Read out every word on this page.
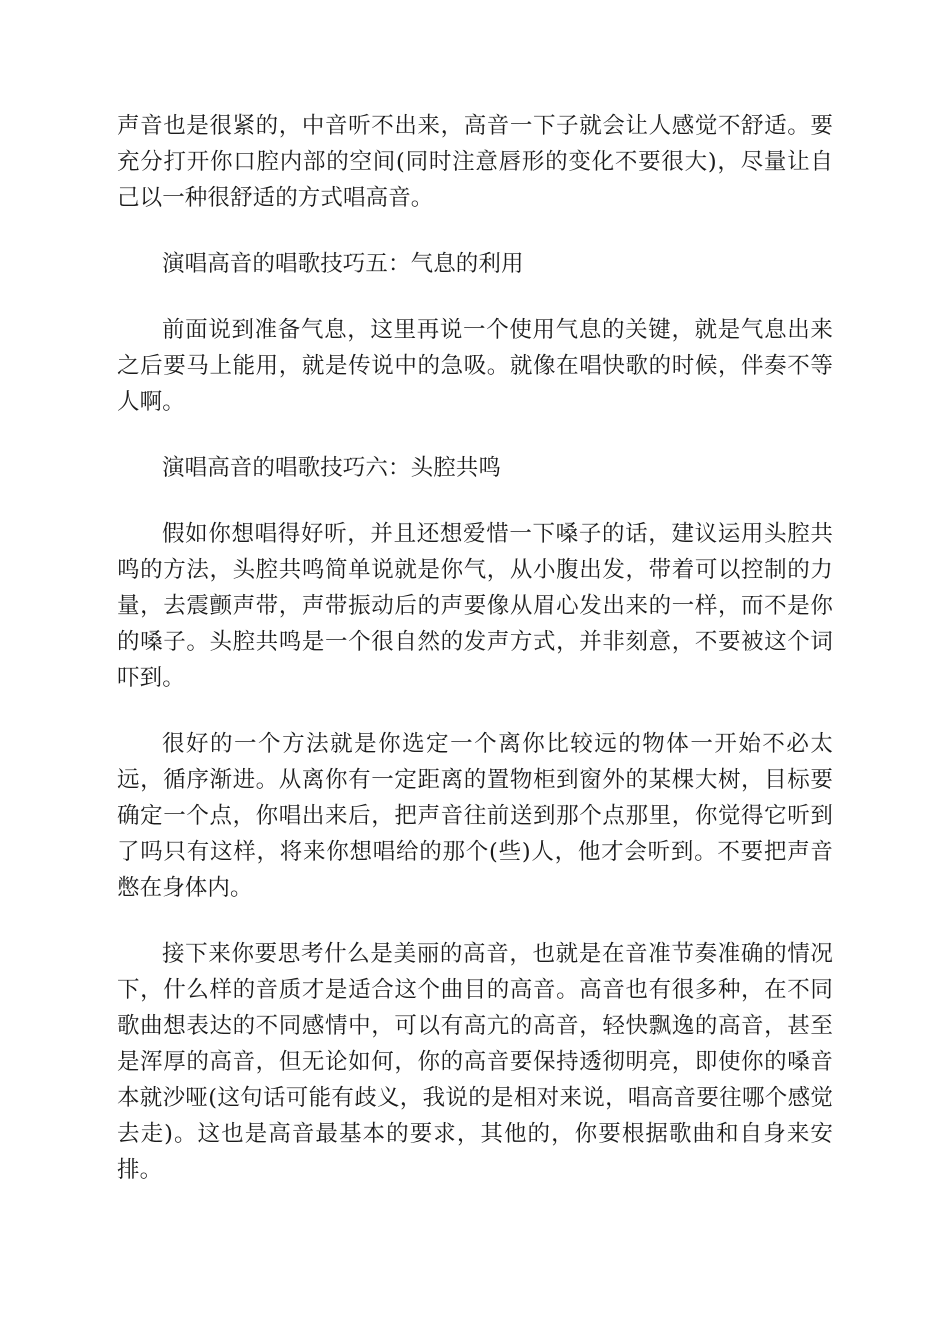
声音也是很紧的，中音听不出来，高音一下子就会让人感觉不舒适。要充分打开你口腔内部的空间(同时注意唇形的变化不要很大)，尽量让自己以一种很舒适的方式唱高音。

演唱高音的唱歌技巧五：气息的利用

前面说到准备气息，这里再说一个使用气息的关键，就是气息出来之后要马上能用，就是传说中的急吸。就像在唱快歌的时候，伴奏不等人啊。

演唱高音的唱歌技巧六：头腔共鸣

假如你想唱得好听，并且还想爱惜一下嗓子的话，建议运用头腔共鸣的方法，头腔共鸣简单说就是你气，从小腹出发，带着可以控制的力量，去震颤声带，声带振动后的声要像从眉心发出来的一样，而不是你的嗓子。头腔共鸣是一个很自然的发声方式，并非刻意，不要被这个词吓到。

很好的一个方法就是你选定一个离你比较远的物体一开始不必太远，循序渐进。从离你有一定距离的置物柜到窗外的某棵大树，目标要确定一个点，你唱出来后，把声音往前送到那个点那里，你觉得它听到了吗只有这样，将来你想唱给的那个(些)人，他才会听到。不要把声音憋在身体内。

接下来你要思考什么是美丽的高音，也就是在音准节奏准确的情况下，什么样的音质才是适合这个曲目的高音。高音也有很多种，在不同歌曲想表达的不同感情中，可以有高亢的高音，轻快飘逸的高音，甚至是浑厚的高音，但无论如何，你的高音要保持透彻明亮，即使你的嗓音本就沙哑(这句话可能有歧义，我说的是相对来说，唱高音要往哪个感觉去走)。这也是高音最基本的要求，其他的，你要根据歌曲和自身来安排。
